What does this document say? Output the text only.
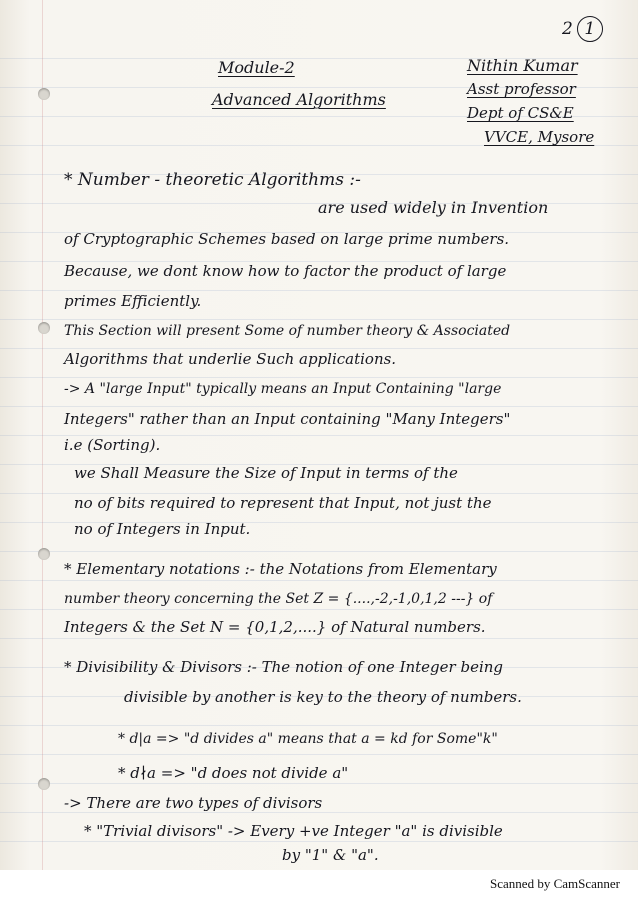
2 1
Module-2
Advanced Algorithms
Nithin Kumar
Asst professor
Dept of CS&E
VVCE, Mysore
* Number - theoretic Algorithms :-
are used widely in Invention
of Cryptographic Schemes based on large prime numbers.
Because, we dont know how to factor the product of large
primes Efficiently.
This Section will present Some of number theory & Associated
Algorithms that underlie Such applications.
-> A "large Input" typically means an Input Containing "large
Integers" rather than an Input containing "Many Integers"
i.e (Sorting).
we Shall Measure the Size of Input in terms of the
no of bits required to represent that Input, not just the
no of Integers in Input.
* Elementary notations :- the Notations from Elementary
number theory concerning the Set Z = {....,-2,-1,0,1,2 ---} of
Integers & the Set N = {0,1,2,....} of Natural numbers.
* Divisibility & Divisors :- The notion of one Integer being
divisible by another is key to the theory of numbers.
* d|a => "d divides a" means that a = kd for Some"k"
* d∤a => "d does not divide a"
-> There are two types of divisors
* "Trivial divisors" -> Every +ve Integer "a" is divisible
by "1" & "a".
Scanned by CamScanner
